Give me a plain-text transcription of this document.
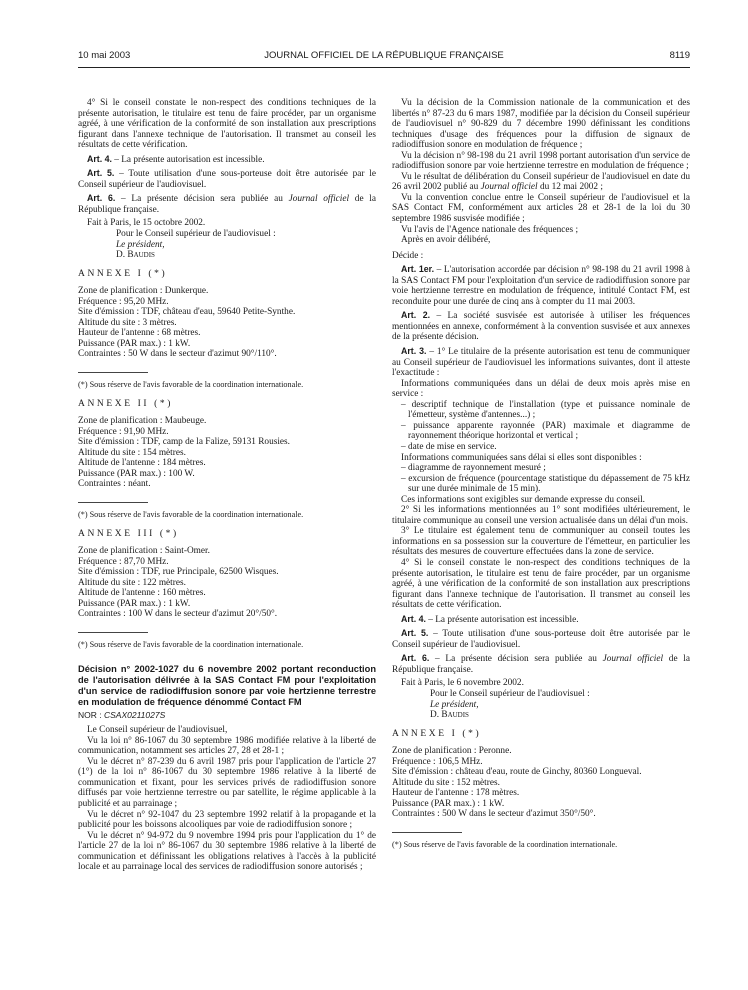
10 mai 2003	JOURNAL OFFICIEL DE LA RÉPUBLIQUE FRANÇAISE	8119

4° Si le conseil constate le non-respect des conditions techniques de la présente autorisation, le titulaire est tenu de faire procéder, par un organisme agréé, à une vérification de la conformité de son installation aux prescriptions figurant dans l'annexe technique de l'autorisation. Il transmet au conseil les résultats de cette vérification.

Art. 4. – La présente autorisation est incessible.

Art. 5. – Toute utilisation d'une sous-porteuse doit être autorisée par le Conseil supérieur de l'audiovisuel.

Art. 6. – La présente décision sera publiée au Journal officiel de la République française.

Fait à Paris, le 15 octobre 2002.

Pour le Conseil supérieur de l'audiovisuel :

Le président,

D. Baudis

ANNEXE I (*)

Zone de planification : Dunkerque.

Fréquence : 95,20 MHz.

Site d'émission : TDF, château d'eau, 59640 Petite-Synthe.

Altitude du site : 3 mètres.

Hauteur de l'antenne : 68 mètres.

Puissance (PAR max.) : 1 kW.

Contraintes : 50 W dans le secteur d'azimut 90°/110°.

(*) Sous réserve de l'avis favorable de la coordination internationale.

ANNEXE II (*)

Zone de planification : Maubeuge.

Fréquence : 91,90 MHz.

Site d'émission : TDF, camp de la Falize, 59131 Rousies.

Altitude du site : 154 mètres.

Altitude de l'antenne : 184 mètres.

Puissance (PAR max.) : 100 W.

Contraintes : néant.

(*) Sous réserve de l'avis favorable de la coordination internationale.

ANNEXE III (*)

Zone de planification : Saint-Omer.

Fréquence : 87,70 MHz.

Site d'émission : TDF, rue Principale, 62500 Wisques.

Altitude du site : 122 mètres.

Altitude de l'antenne : 160 mètres.

Puissance (PAR max.) : 1 kW.

Contraintes : 100 W dans le secteur d'azimut 20°/50°.

(*) Sous réserve de l'avis favorable de la coordination internationale.

Décision n° 2002-1027 du 6 novembre 2002 portant reconduction de l'autorisation délivrée à la SAS Contact FM pour l'exploitation d'un service de radiodiffusion sonore par voie hertzienne terrestre en modulation de fréquence dénommé Contact FM

NOR : CSAX0211027S

Le Conseil supérieur de l'audiovisuel,

Vu la loi n° 86-1067 du 30 septembre 1986 modifiée relative à la liberté de communication, notamment ses articles 27, 28 et 28-1 ;

Vu le décret n° 87-239 du 6 avril 1987 pris pour l'application de l'article 27 (1°) de la loi n° 86-1067 du 30 septembre 1986 relative à la liberté de communication et fixant, pour les services privés de radiodiffusion sonore diffusés par voie hertzienne terrestre ou par satellite, le régime applicable à la publicité et au parrainage ;

Vu le décret n° 92-1047 du 23 septembre 1992 relatif à la propagande et la publicité pour les boissons alcooliques par voie de radiodiffusion sonore ;

Vu le décret n° 94-972 du 9 novembre 1994 pris pour l'application du 1° de l'article 27 de la loi n° 86-1067 du 30 septembre 1986 relative à la liberté de communication et définissant les obligations relatives à l'accès à la publicité locale et au parrainage local des services de radiodiffusion sonore autorisés ;

Vu la décision de la Commission nationale de la communication et des libertés n° 87-23 du 6 mars 1987, modifiée par la décision du Conseil supérieur de l'audiovisuel n° 90-829 du 7 décembre 1990 définissant les conditions techniques d'usage des fréquences pour la diffusion de signaux de radiodiffusion sonore en modulation de fréquence ;

Vu la décision n° 98-198 du 21 avril 1998 portant autorisation d'un service de radiodiffusion sonore par voie hertzienne terrestre en modulation de fréquence ;

Vu le résultat de délibération du Conseil supérieur de l'audiovisuel en date du 26 avril 2002 publié au Journal officiel du 12 mai 2002 ;

Vu la convention conclue entre le Conseil supérieur de l'audiovisuel et la SAS Contact FM, conformément aux articles 28 et 28-1 de la loi du 30 septembre 1986 susvisée modifiée ;

Vu l'avis de l'Agence nationale des fréquences ;

Après en avoir délibéré,

Décide :

Art. 1er. – L'autorisation accordée par décision n° 98-198 du 21 avril 1998 à la SAS Contact FM pour l'exploitation d'un service de radiodiffusion sonore par voie hertzienne terrestre en modulation de fréquence, intitulé Contact FM, est reconduite pour une durée de cinq ans à compter du 11 mai 2003.

Art. 2. – La société susvisée est autorisée à utiliser les fréquences mentionnées en annexe, conformément à la convention susvisée et aux annexes de la présente décision.

Art. 3. – 1° Le titulaire de la présente autorisation est tenu de communiquer au Conseil supérieur de l'audiovisuel les informations suivantes, dont il atteste l'exactitude :

Informations communiquées dans un délai de deux mois après mise en service :

– descriptif technique de l'installation (type et puissance nominale de l'émetteur, système d'antennes...) ;
– puissance apparente rayonnée (PAR) maximale et diagramme de rayonnement théorique horizontal et vertical ;
– date de mise en service.

Informations communiquées sans délai si elles sont disponibles :

– diagramme de rayonnement mesuré ;
– excursion de fréquence (pourcentage statistique du dépassement de 75 kHz sur une durée minimale de 15 min).

Ces informations sont exigibles sur demande expresse du conseil.

2° Si les informations mentionnées au 1° sont modifiées ultérieurement, le titulaire communique au conseil une version actualisée dans un délai d'un mois.

3° Le titulaire est également tenu de communiquer au conseil toutes les informations en sa possession sur la couverture de l'émetteur, en particulier les résultats des mesures de couverture effectuées dans la zone de service.

4° Si le conseil constate le non-respect des conditions techniques de la présente autorisation, le titulaire est tenu de faire procéder, par un organisme agréé, à une vérification de la conformité de son installation aux prescriptions figurant dans l'annexe technique de l'autorisation. Il transmet au conseil les résultats de cette vérification.

Art. 4. – La présente autorisation est incessible.

Art. 5. – Toute utilisation d'une sous-porteuse doit être autorisée par le Conseil supérieur de l'audiovisuel.

Art. 6. – La présente décision sera publiée au Journal officiel de la République française.

Fait à Paris, le 6 novembre 2002.

Pour le Conseil supérieur de l'audiovisuel :

Le président,

D. Baudis

ANNEXE I (*)

Zone de planification : Peronne.

Fréquence : 106,5 MHz.

Site d'émission : château d'eau, route de Ginchy, 80360 Longueval.

Altitude du site : 152 mètres.

Hauteur de l'antenne : 178 mètres.

Puissance (PAR max.) : 1 kW.

Contraintes : 500 W dans le secteur d'azimut 350°/50°.

(*) Sous réserve de l'avis favorable de la coordination internationale.
